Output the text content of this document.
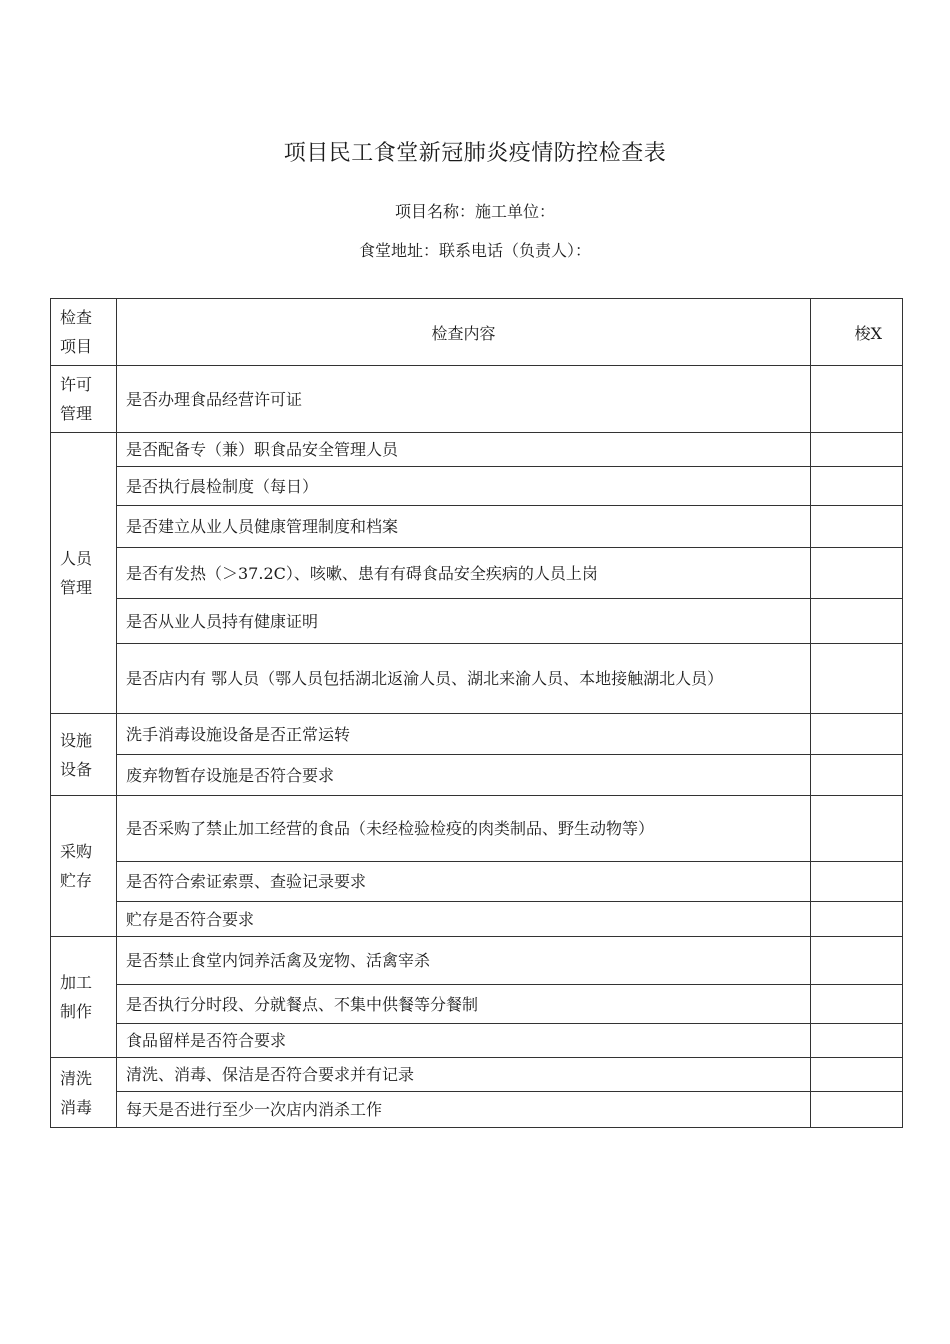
项目民工食堂新冠肺炎疫情防控检查表
项目名称：施工单位：
食堂地址：联系电话（负责人）：
检查
项目	检查内容	梭X

许可
管理	是否办理食品经营许可证	

人员
管理	是否配备专（兼）职食品安全管理人员	
	是否执行晨检制度（每日）	
	是否建立从业人员健康管理制度和档案	
	是否有发热（＞37.2C）、咳嗽、患有有碍食品安全疾病的人员上岗	
	是否从业人员持有健康证明	
	是否店内有 鄂人员（鄂人员包括湖北返渝人员、湖北来渝人员、本地接触湖北人员）	

设施
设备	洗手消毒设施设备是否正常运转	
	废弃物暂存设施是否符合要求	

采购
贮存	是否采购了禁止加工经营的食品（未经检验检疫的肉类制品、野生动物等）	
	是否符合索证索票、查验记录要求	
	贮存是否符合要求	

加工
制作	是否禁止食堂内饲养活禽及宠物、活禽宰杀	
	是否执行分时段、分就餐点、不集中供餐等分餐制	
	食品留样是否符合要求	

清洗
消毒	清洗、消毒、保洁是否符合要求并有记录	
	每天是否进行至少一次店内消杀工作	
